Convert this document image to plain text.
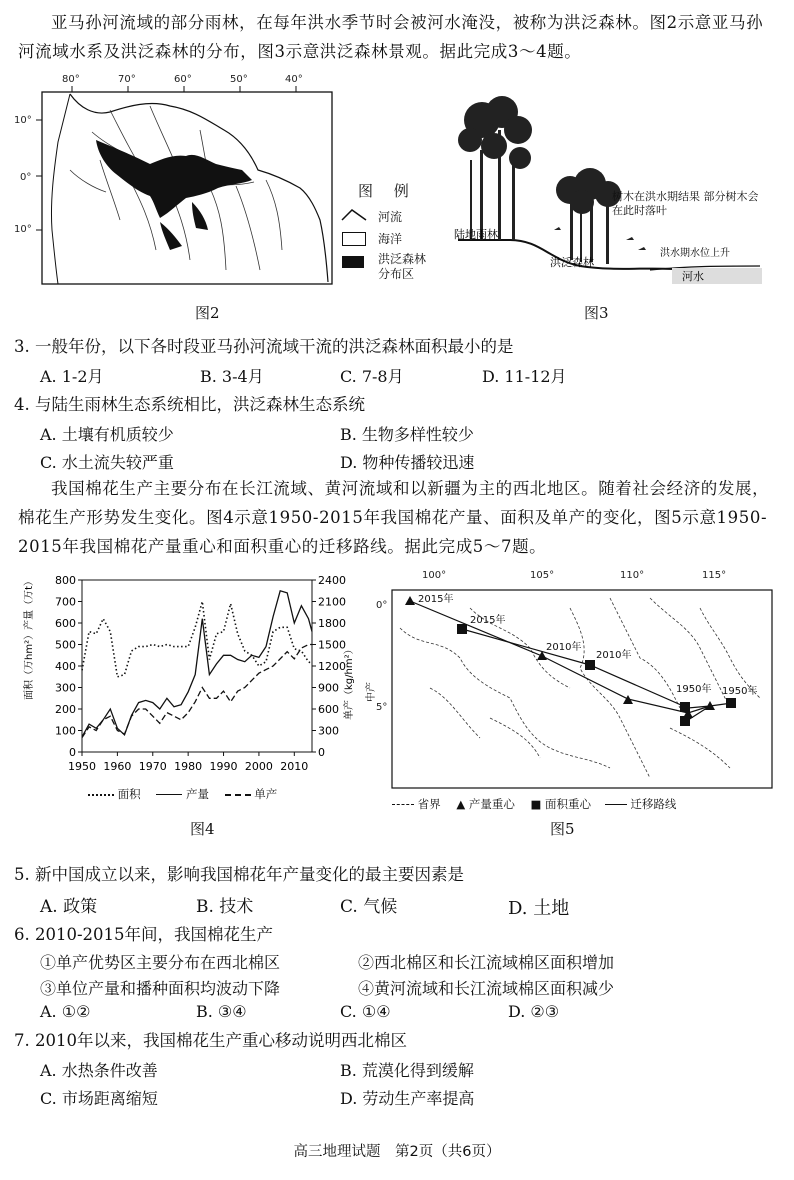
亚马孙河流域的部分雨林，在每年洪水季节时会被河水淹没，被称为洪泛森林。图2示意亚马孙河流域水系及洪泛森林的分布，图3示意洪泛森林景观。据此完成3～4题。
80°	70°	60°	50°	40°
10°
0°
10°
图 例
河流
海洋
洪泛森林分布区
图2
陆地雨林
洪泛森林
洪水期水位上升
河水
树木在洪水期结果 部分树木会在此时落叶
图3
3. 一般年份，以下各时段亚马孙河流域干流的洪泛森林面积最小的是
A. 1-2月	B. 3-4月	C. 7-8月	D. 11-12月
4. 与陆生雨林生态系统相比，洪泛森林生态系统
A. 土壤有机质较少	B. 生物多样性较少
C. 水土流失较严重	D. 物种传播较迅速
我国棉花生产主要分布在长江流域、黄河流域和以新疆为主的西北地区。随着社会经济的发展，棉花生产形势发生变化。图4示意1950-2015年我国棉花产量、面积及单产的变化，图5示意1950-2015年我国棉花产量重心和面积重心的迁移路线。据此完成5～7题。
0
100
200
300
400
500
600
700
800
0
300
600
900
1200
1500
1800
2100
2400
1950 1960 1970 1980 1990 2000 2010
面积（万hm²）产量（万t）	单产（kg/hm²）
面积	产量	单产
图4
100°	105°	110°	115°
0°
5°
中产
2015年
2015年
2010年
2010年
1950年 1950年
省界 ▲ 产量重心 ■ 面积重心	迁移路线
图5
5. 新中国成立以来，影响我国棉花年产量变化的最主要因素是
A. 政策	B. 技术	C. 气候	D. 土地
6. 2010-2015年间，我国棉花生产
①单产优势区主要分布在西北棉区	②西北棉区和长江流域棉区面积增加
③单位产量和播种面积均波动下降	④黄河流域和长江流域棉区面积减少
A. ①②	B. ③④	C. ①④	D. ②③
7. 2010年以来，我国棉花生产重心移动说明西北棉区
A. 水热条件改善	B. 荒漠化得到缓解
C. 市场距离缩短	D. 劳动生产率提高
高三地理试题　第2页（共6页）
